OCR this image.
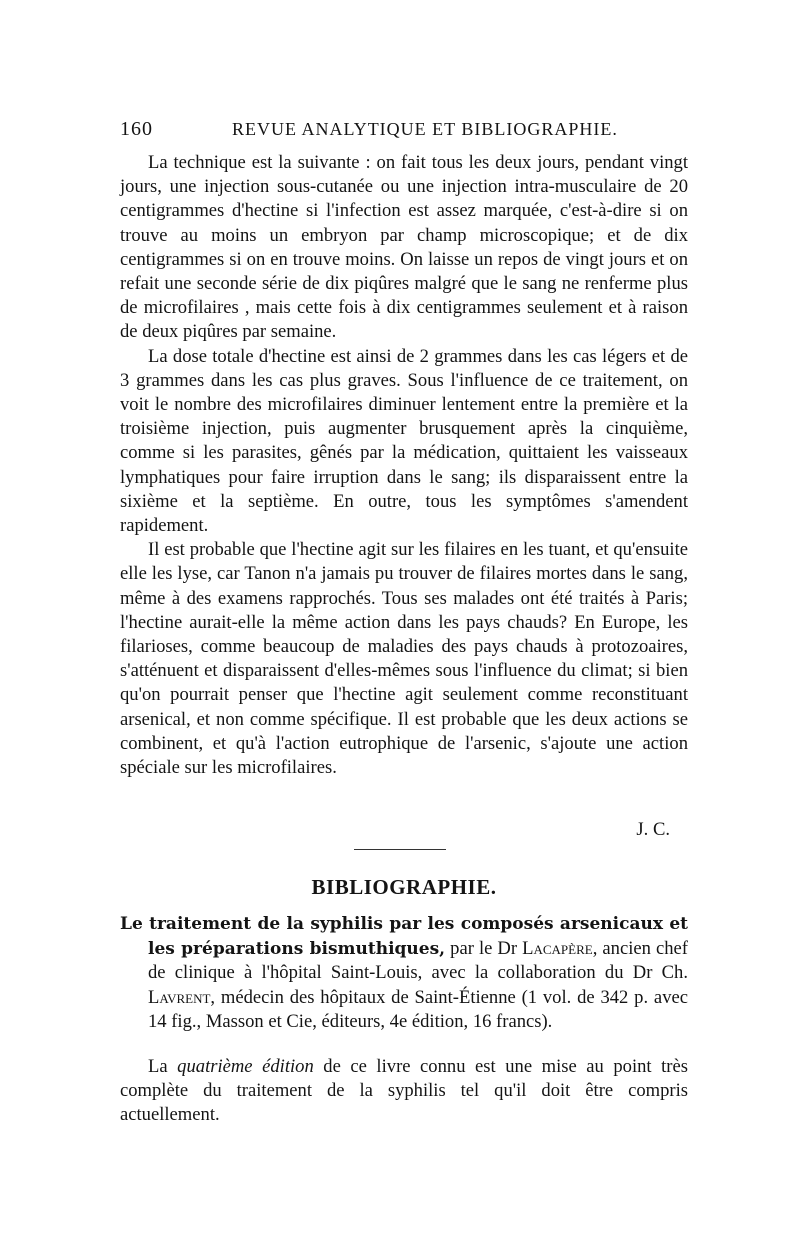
160	REVUE ANALYTIQUE ET BIBLIOGRAPHIE.

La technique est la suivante : on fait tous les deux jours, pendant vingt jours, une injection sous-cutanée ou une injection intra-musculaire de 20 centigrammes d'hectine si l'infection est assez marquée, c'est-à-dire si on trouve au moins un embryon par champ microscopique; et de dix centigrammes si on en trouve moins. On laisse un repos de vingt jours et on refait une seconde série de dix piqûres malgré que le sang ne renferme plus de microfilaires , mais cette fois à dix centigrammes seulement et à raison de deux piqûres par semaine.

La dose totale d'hectine est ainsi de 2 grammes dans les cas légers et de 3 grammes dans les cas plus graves. Sous l'influence de ce traitement, on voit le nombre des microfilaires diminuer lentement entre la première et la troisième injection, puis augmenter brusquement après la cinquième, comme si les parasites, gênés par la médication, quittaient les vaisseaux lymphatiques pour faire irruption dans le sang; ils disparaissent entre la sixième et la septième. En outre, tous les symptômes s'amendent rapidement.

Il est probable que l'hectine agit sur les filaires en les tuant, et qu'ensuite elle les lyse, car Tanon n'a jamais pu trouver de filaires mortes dans le sang, même à des examens rapprochés. Tous ses malades ont été traités à Paris; l'hectine aurait-elle la même action dans les pays chauds? En Europe, les filarioses, comme beaucoup de maladies des pays chauds à protozoaires, s'atténuent et disparaissent d'elles-mêmes sous l'influence du climat; si bien qu'on pourrait penser que l'hectine agit seulement comme reconstituant arsenical, et non comme spécifique. Il est probable que les deux actions se combinent, et qu'à l'action eutrophique de l'arsenic, s'ajoute une action spéciale sur les microfilaires.

J. C.
BIBLIOGRAPHIE.

Le traitement de la syphilis par les composés arsenicaux et les préparations bismuthiques, par le Dr Lacapère, ancien chef de clinique à l'hôpital Saint-Louis, avec la collaboration du Dr Ch. Lavrent, médecin des hôpitaux de Saint-Étienne (1 vol. de 342 p. avec 14 fig., Masson et Cie, éditeurs, 4e édition, 16 francs).

La quatrième édition de ce livre connu est une mise au point très complète du traitement de la syphilis tel qu'il doit être compris actuellement.
